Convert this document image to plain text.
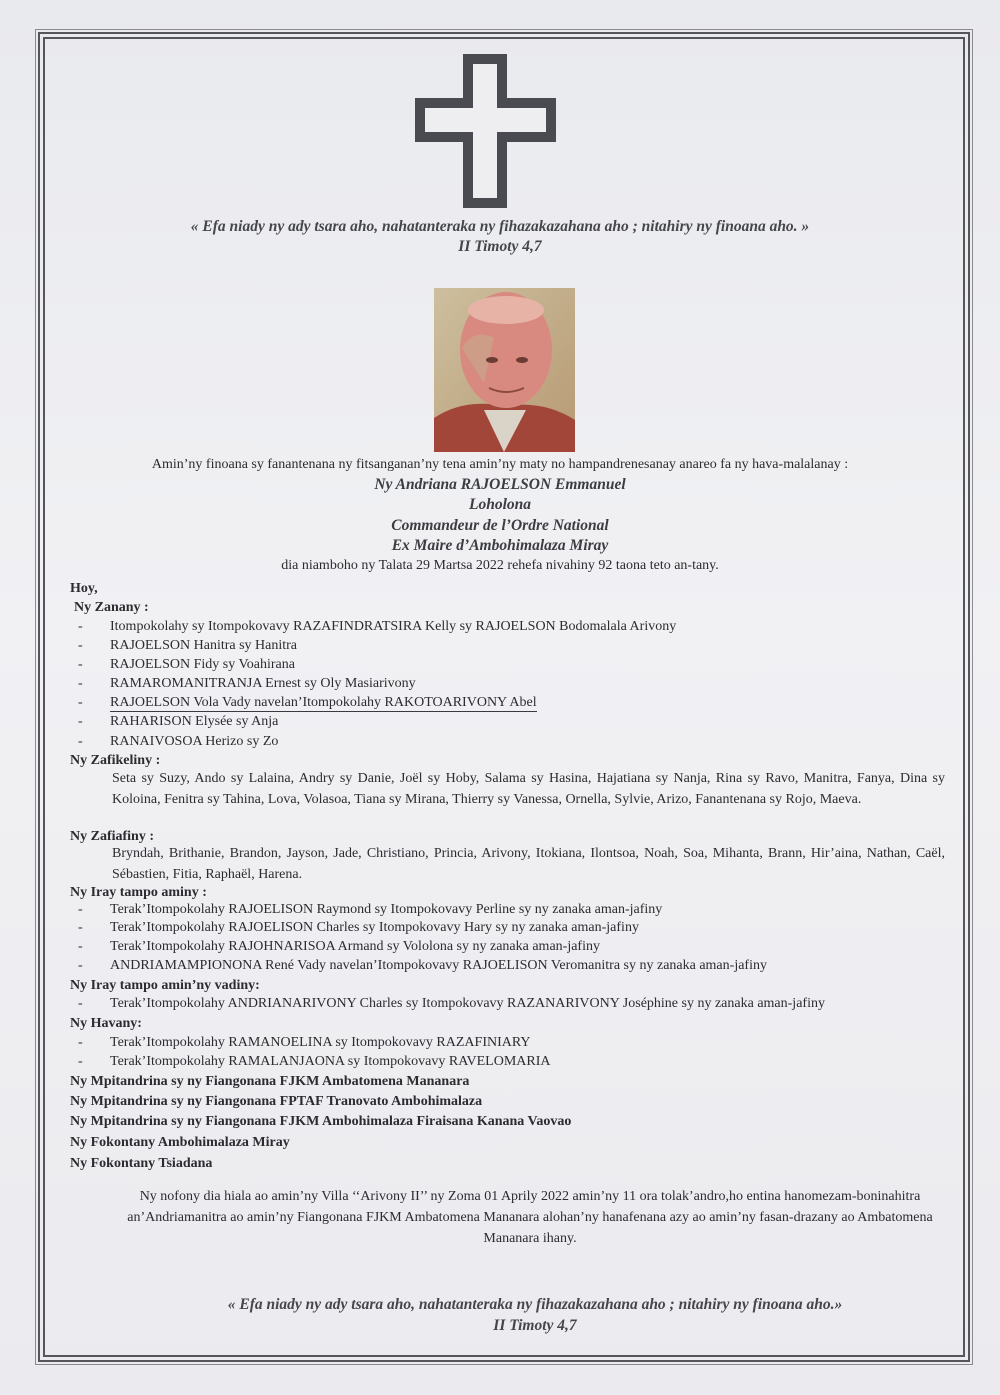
« Efa niady ny ady tsara aho, nahatanteraka ny fihazakazahana aho ; nitahiry ny finoana aho. »

II Timoty 4,7

Amin’ny finoana sy fanantenana ny fitsanganan’ny tena amin’ny maty no hampandrenesanay anareo fa ny hava-malalanay :

Ny Andriana RAJOELSON Emmanuel

Loholona

Commandeur de l’Ordre National

Ex Maire d’Ambohimalaza Miray

dia niamboho ny Talata 29 Martsa 2022 rehefa nivahiny 92 taona teto an-tany.

Hoy,

Ny Zanany :

- Itompokolahy sy Itompokovavy RAZAFINDRATSIRA Kelly sy RAJOELSON Bodomalala Arivony

- RAJOELSON Hanitra sy Hanitra

- RAJOELSON Fidy sy Voahirana

- RAMAROMANITRANJA Ernest sy Oly Masiarivony

- RAJOELSON Vola Vady navelan’Itompokolahy RAKOTOARIVONY Abel

- RAHARISON Elysée sy Anja

- RANAIVOSOA Herizo sy Zo

Ny Zafikeliny :

Seta sy Suzy, Ando sy Lalaina, Andry sy Danie, Joël sy Hoby, Salama sy Hasina, Hajatiana sy Nanja, Rina sy Ravo, Manitra, Fanya, Dina sy Koloina, Fenitra sy Tahina, Lova, Volasoa, Tiana sy Mirana, Thierry sy Vanessa, Ornella, Sylvie, Arizo, Fanantenana sy Rojo, Maeva.

Ny Zafiafiny :

Bryndah, Brithanie, Brandon, Jayson, Jade, Christiano, Princia, Arivony, Itokiana, Ilontsoa, Noah, Soa, Mihanta, Brann, Hir’aina, Nathan, Caël, Sébastien, Fitia, Raphaël, Harena.

Ny Iray tampo aminy :

- Terak’Itompokolahy RAJOELISON Raymond sy Itompokovavy Perline sy ny zanaka aman-jafiny

- Terak’Itompokolahy RAJOELISON Charles sy Itompokovavy Hary sy ny zanaka aman-jafiny

- Terak’Itompokolahy RAJOHNARISOA Armand sy Vololona sy ny zanaka aman-jafiny

- ANDRIAMAMPIONONA René Vady navelan’Itompokovavy RAJOELISON Veromanitra sy ny zanaka aman-jafiny

Ny Iray tampo amin’ny vadiny:

- Terak’Itompokolahy ANDRIANARIVONY Charles sy Itompokovavy RAZANARIVONY Joséphine sy ny zanaka aman-jafiny

Ny Havany:

- Terak’Itompokolahy RAMANOELINA sy Itompokovavy RAZAFINIARY

- Terak’Itompokolahy RAMALANJAONA sy Itompokovavy RAVELOMARIA

Ny Mpitandrina sy ny Fiangonana FJKM Ambatomena Mananara

Ny Mpitandrina sy ny Fiangonana FPTAF Tranovato Ambohimalaza

Ny Mpitandrina sy ny Fiangonana FJKM Ambohimalaza Firaisana Kanana Vaovao

Ny Fokontany Ambohimalaza Miray

Ny Fokontany Tsiadana

Ny nofony dia hiala ao amin’ny Villa ‘‘Arivony II’’ ny Zoma 01 Aprily 2022 amin’ny 11 ora tolak’andro,ho entina hanomezam-boninahitra an’Andriamanitra ao amin’ny Fiangonana FJKM Ambatomena Mananara alohan’ny hanafenana azy ao amin’ny fasan-drazany ao Ambatomena Mananara ihany.

« Efa niady ny ady tsara aho, nahatanteraka ny fihazakazahana aho ; nitahiry ny finoana aho.»

II Timoty 4,7
